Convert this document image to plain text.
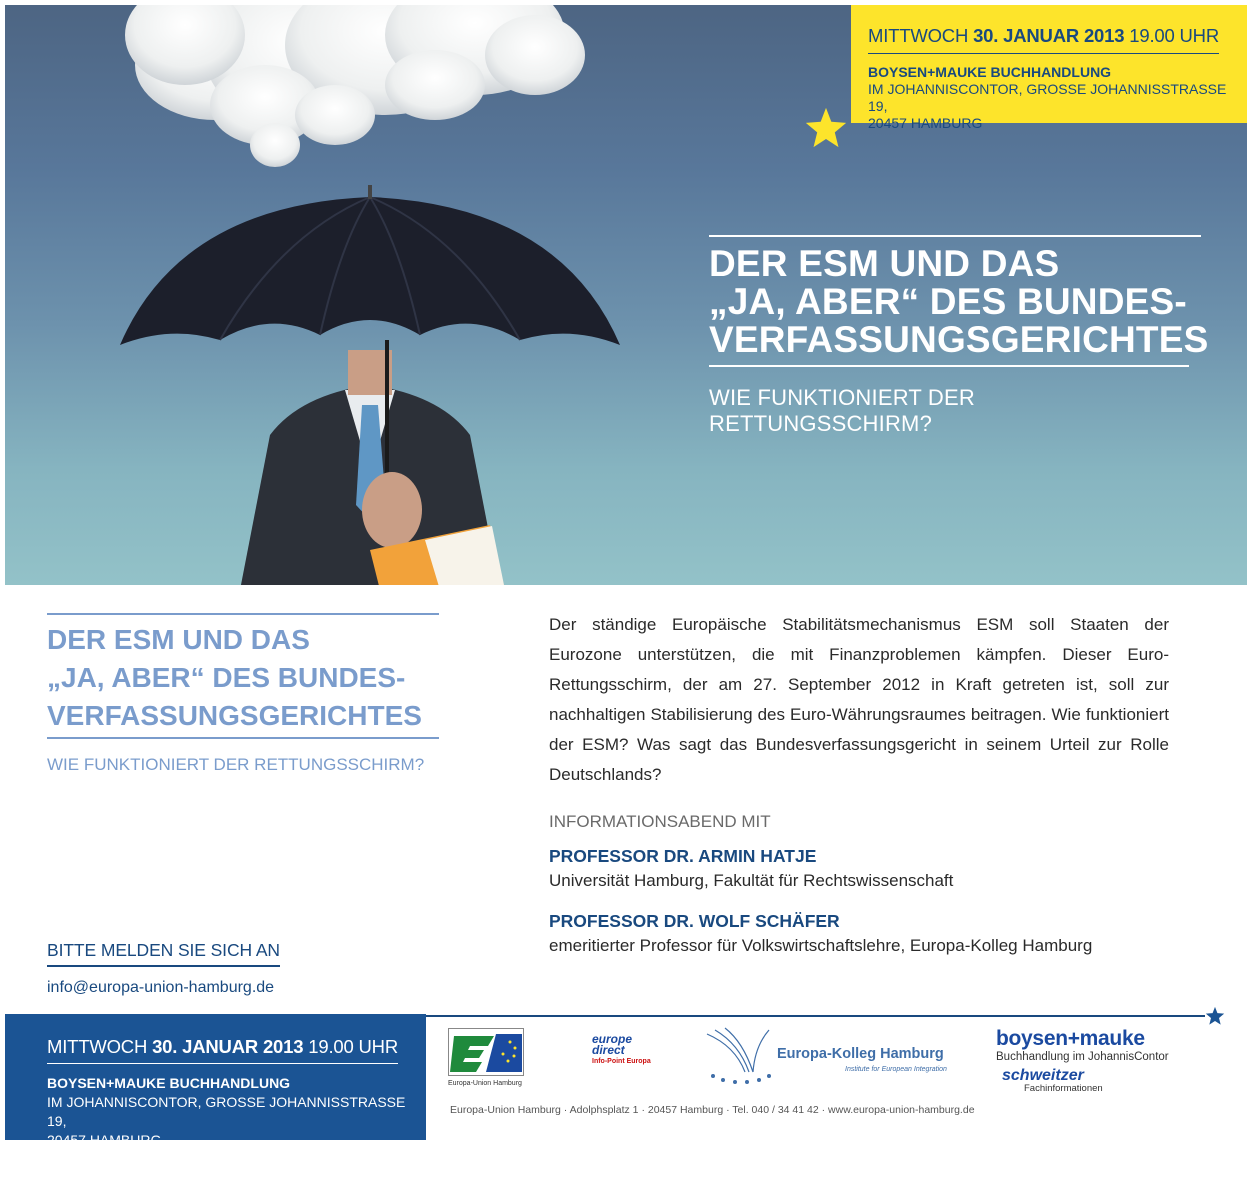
DER ESM UND DAS
„JA, ABER“ DES BUNDES-
VERFASSUNGSGERICHTES
WIE FUNKTIONIERT DER RETTUNGSSCHIRM?
MITTWOCH 30. JANUAR 2013 19.00 UHR
BOYSEN+MAUKE BUCHHANDLUNG
IM JOHANNISCONTOR, GROSSE JOHANNISSTRASSE 19,
20457 HAMBURG
DER ESM UND DAS
„JA, ABER“ DES BUNDES-
VERFASSUNGSGERICHTES
WIE FUNKTIONIERT DER RETTUNGSSCHIRM?

Der ständige Europäische Stabilitätsmechanismus ESM soll Staaten der Eurozone unterstützen, die mit Finanzproblemen kämpfen. Dieser Euro-Rettungsschirm, der am 27. September 2012 in Kraft getreten ist, soll zur nachhaltigen Stabilisierung des Euro-Währungsraumes beitragen. Wie funktioniert der ESM? Was sagt das Bundesverfassungsgericht in seinem Urteil zur Rolle Deutschlands?

INFORMATIONSABEND MIT
PROFESSOR DR. ARMIN HATJE
Universität Hamburg, Fakultät für Rechtswissenschaft
PROFESSOR DR. WOLF SCHÄFER
emeritierter Professor für Volkswirtschaftslehre, Europa-Kolleg Hamburg
BITTE MELDEN SIE SICH AN
info@europa-union-hamburg.de
MITTWOCH 30. JANUAR 2013 19.00 UHR
BOYSEN+MAUKE BUCHHANDLUNG
IM JOHANNISCONTOR, GROSSE JOHANNISSTRASSE 19,
20457 HAMBURG
Europa-Union Hamburg
europe
direct
Info-Point Europa	Europa-Kolleg Hamburg
Institute for European Integration
boysen+mauke
Buchhandlung im JohannisContor
schweitzer
Fachinformationen
Europa-Union Hamburg · Adolphsplatz 1 · 20457 Hamburg · Tel. 040 / 34 41 42 · www.europa-union-hamburg.de
